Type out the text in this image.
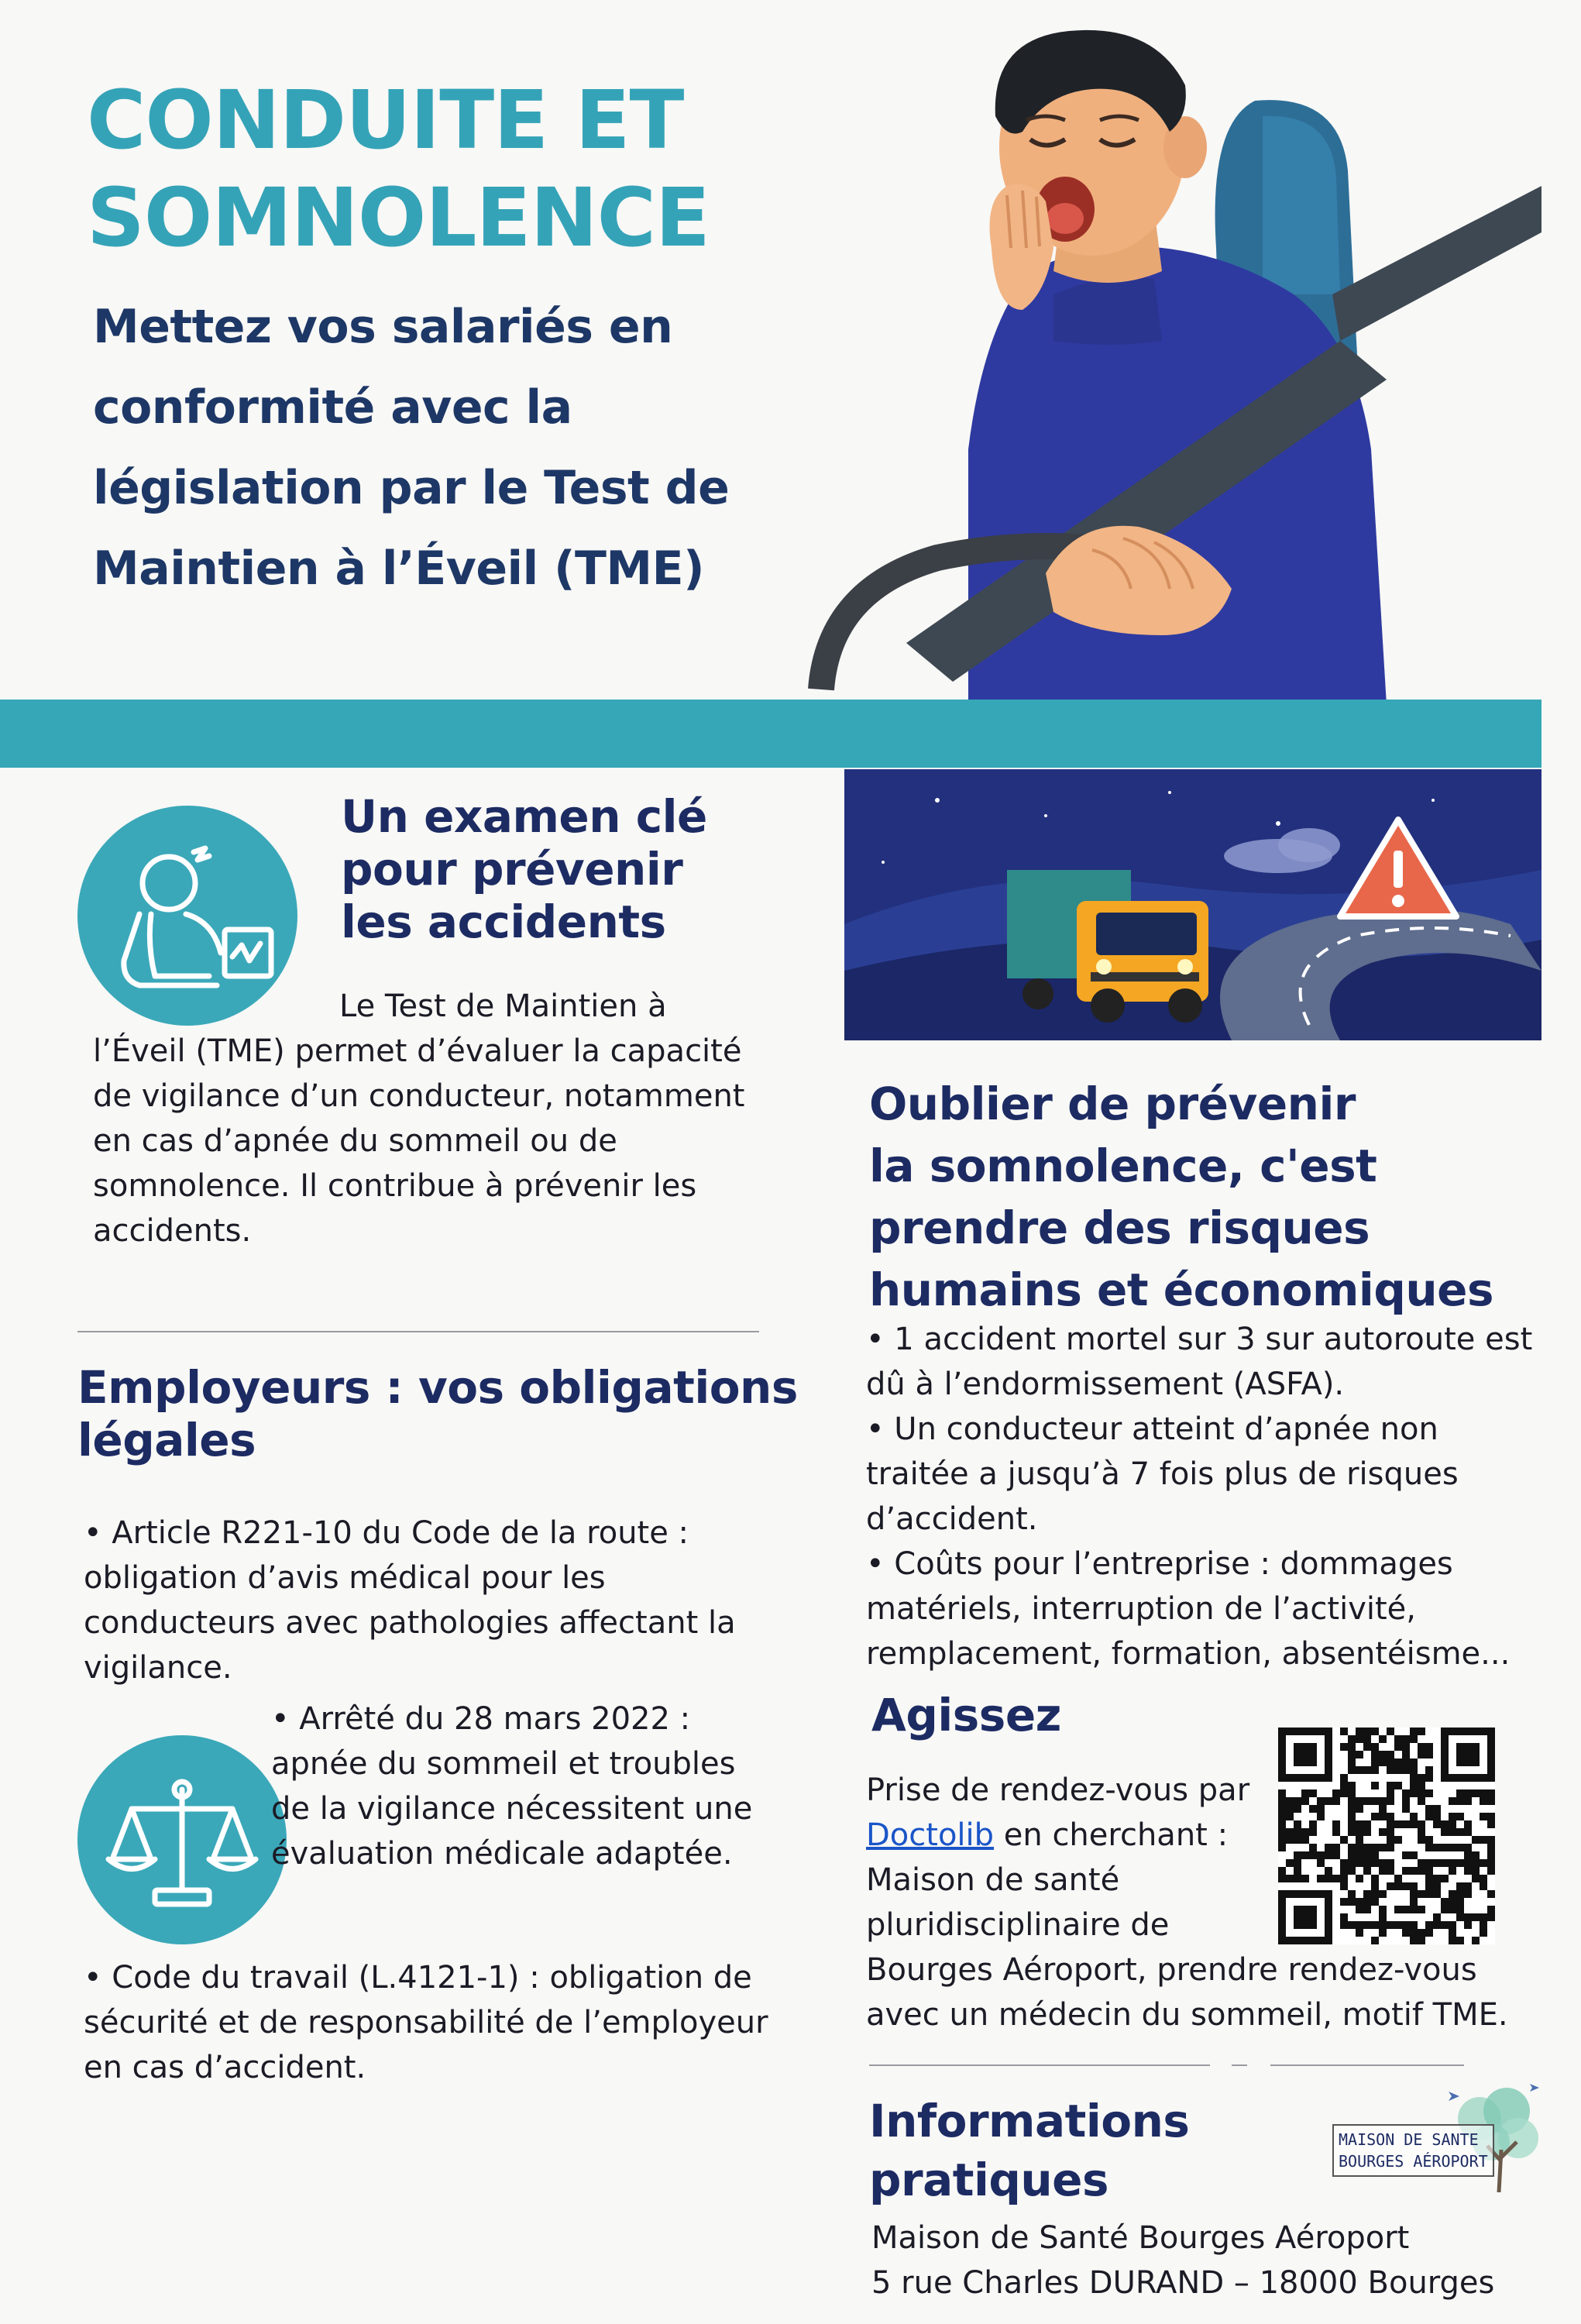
CONDUITE ET
SOMNOLENCE
Mettez vos salariés en
conformité avec la
législation par le Test de
Maintien à l’Éveil (TME)
Un examen clé
pour prévenir
les accidents
Le Test de Maintien à
l’Éveil (TME) permet d’évaluer la capacité
de vigilance d’un conducteur, notamment
en cas d’apnée du sommeil ou de
somnolence. Il contribue à prévenir les
accidents.
Employeurs : vos obligations
légales
• Article R221-10 du Code de la route :
obligation d’avis médical pour les
conducteurs avec pathologies affectant la
vigilance.
• Arrêté du 28 mars 2022 :
apnée du sommeil et troubles
de la vigilance nécessitent une
évaluation médicale adaptée.
• Code du travail (L.4121-1) : obligation de
sécurité et de responsabilité de l’employeur
en cas d’accident.
Oublier de prévenir
la somnolence, c'est
prendre des risques
humains et économiques
• 1 accident mortel sur 3 sur autoroute est
dû à l’endormissement (ASFA).
• Un conducteur atteint d’apnée non
traitée a jusqu’à 7 fois plus de risques
d’accident.
• Coûts pour l’entreprise : dommages
matériels, interruption de l’activité,
remplacement, formation, absentéisme...
Agissez
Prise de rendez-vous par
Doctolib en cherchant :
Maison de santé
pluridisciplinaire de
Bourges Aéroport, prendre rendez-vous
avec un médecin du sommeil, motif TME.
Informations
pratiques
Maison de Santé Bourges Aéroport
5 rue Charles DURAND – 18000 Bourges
MAISON DE SANTE
BOURGES AÉROPORT
